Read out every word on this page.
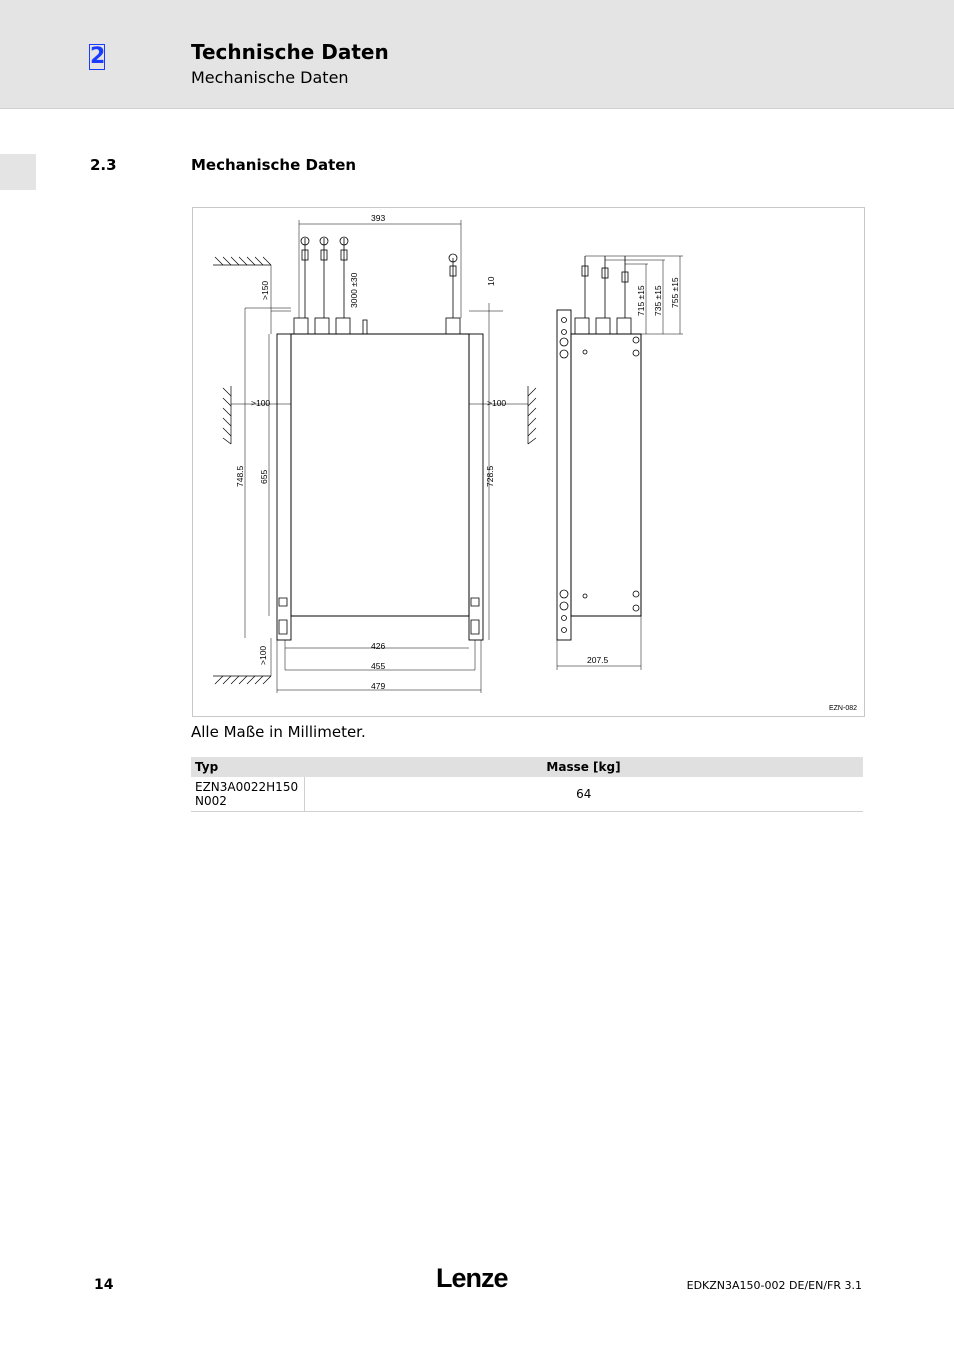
2	Technische Daten
Mechanische Daten
2.3	Mechanische Daten
393
3000 ±30	10
>150
>100	>100
748.5 655	728.5
>100	426
455
479
207.5
715 ±15 735 ±15 755 ±15
EZN-082
Alle Maße in Millimeter.
Typ	Masse [kg]
EZN3A0022H150
N002	64
14	Lenze	EDKZN3A150-002 DE/EN/FR 3.1
